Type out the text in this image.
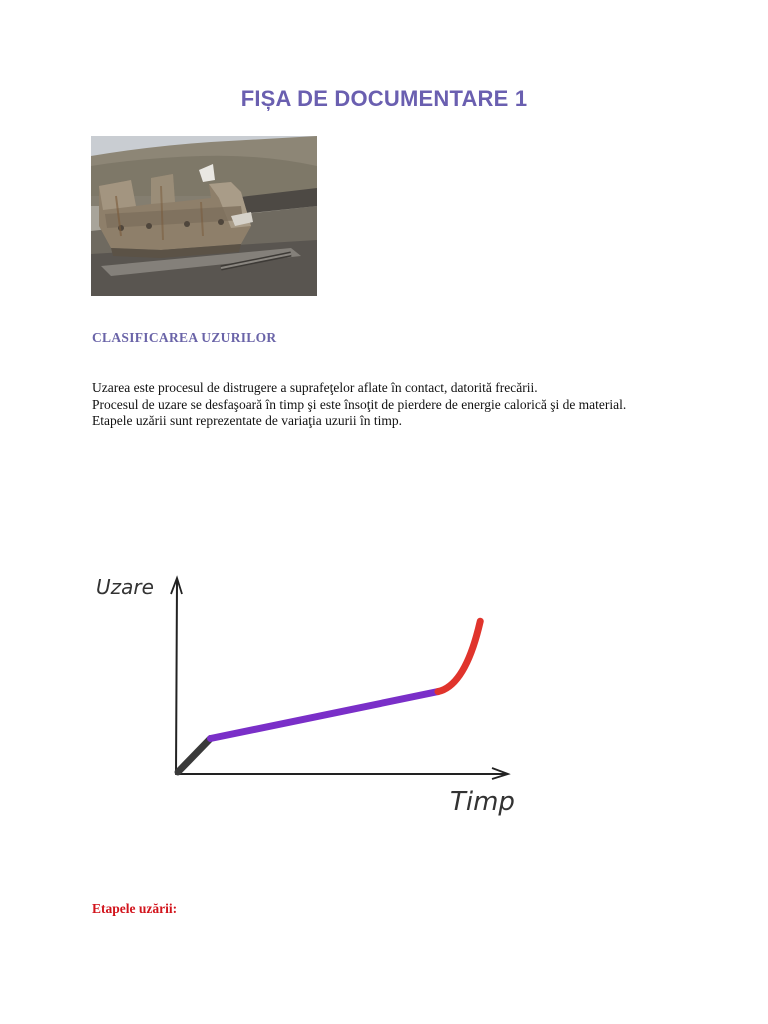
FIȘA DE DOCUMENTARE 1
CLASIFICAREA UZURILOR

Uzarea este procesul de distrugere a suprafeţelor aflate în contact, datorită frecării.

Procesul de uzare se desfaşoară în timp şi este însoţit de pierdere de energie calorică şi de material.

Etapele uzării sunt reprezentate de variaţia uzurii în timp.

Uzare
Timp
Etapele uzării:
